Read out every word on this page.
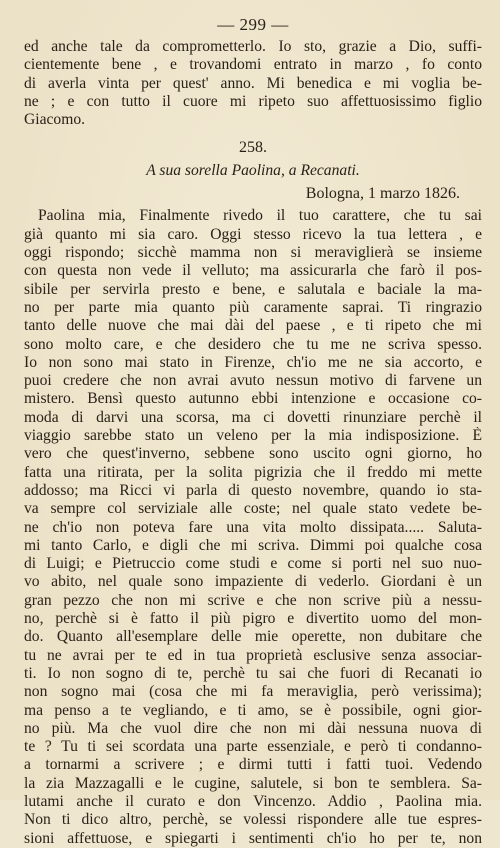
— 299 —
ed anche tale da comprometterlo. Io sto, grazie a Dio, suffi-
cientemente bene , e trovandomi entrato in marzo , fo conto
di averla vinta per quest' anno. Mi benedica e mi voglia be-
ne ; e con tutto il cuore mi ripeto suo affettuosissimo figlio
Giacomo.
258.
A sua sorella Paolina, a Recanati.
Bologna, 1 marzo 1826.
Paolina mia, Finalmente rivedo il tuo carattere, che tu sai
già quanto mi sia caro. Oggi stesso ricevo la tua lettera , e
oggi rispondo; sicchè mamma non si meraviglierà se insieme
con questa non vede il velluto; ma assicurarla che farò il pos-
sibile per servirla presto e bene, e salutala e baciale la ma-
no per parte mia quanto più caramente saprai. Ti ringrazio
tanto delle nuove che mai dài del paese , e ti ripeto che mi
sono molto care, e che desidero che tu me ne scriva spesso.
Io non sono mai stato in Firenze, ch'io me ne sia accorto, e
puoi credere che non avrai avuto nessun motivo di farvene un
mistero. Bensì questo autunno ebbi intenzione e occasione co-
moda di darvi una scorsa, ma ci dovetti rinunziare perchè il
viaggio sarebbe stato un veleno per la mia indisposizione. È
vero che quest'inverno, sebbene sono uscito ogni giorno, ho
fatta una ritirata, per la solita pigrizia che il freddo mi mette
addosso; ma Ricci vi parla di questo novembre, quando io sta-
va sempre col serviziale alle coste; nel quale stato vedete be-
ne ch'io non poteva fare una vita molto dissipata..... Saluta-
mi tanto Carlo, e digli che mi scriva. Dimmi poi qualche cosa
di Luigi; e Pietruccio come studi e come si porti nel suo nuo-
vo abito, nel quale sono impaziente di vederlo. Giordani è un
gran pezzo che non mi scrive e che non scrive più a nessu-
no, perchè si è fatto il più pigro e divertito uomo del mon-
do. Quanto all'esemplare delle mie operette, non dubitare che
tu ne avrai per te ed in tua proprietà esclusive senza associar-
ti. Io non sogno di te, perchè tu sai che fuori di Recanati io
non sogno mai (cosa che mi fa meraviglia, però verissima);
ma penso a te vegliando, e ti amo, se è possibile, ogni gior-
no più. Ma che vuol dire che non mi dài nessuna nuova di
te ? Tu ti sei scordata una parte essenziale, e però ti condanno-
a tornarmi a scrivere ; e dirmi tutti i fatti tuoi. Vedendo
la zia Mazzagalli e le cugine, salutele, si bon te semblera. Sa-
lutami anche il curato e don Vincenzo. Addio , Paolina mia.
Non ti dico altro, perchè, se volessi rispondere alle tue espres-
sioni affettuose, e spiegarti i sentimenti ch'io ho per te, non
